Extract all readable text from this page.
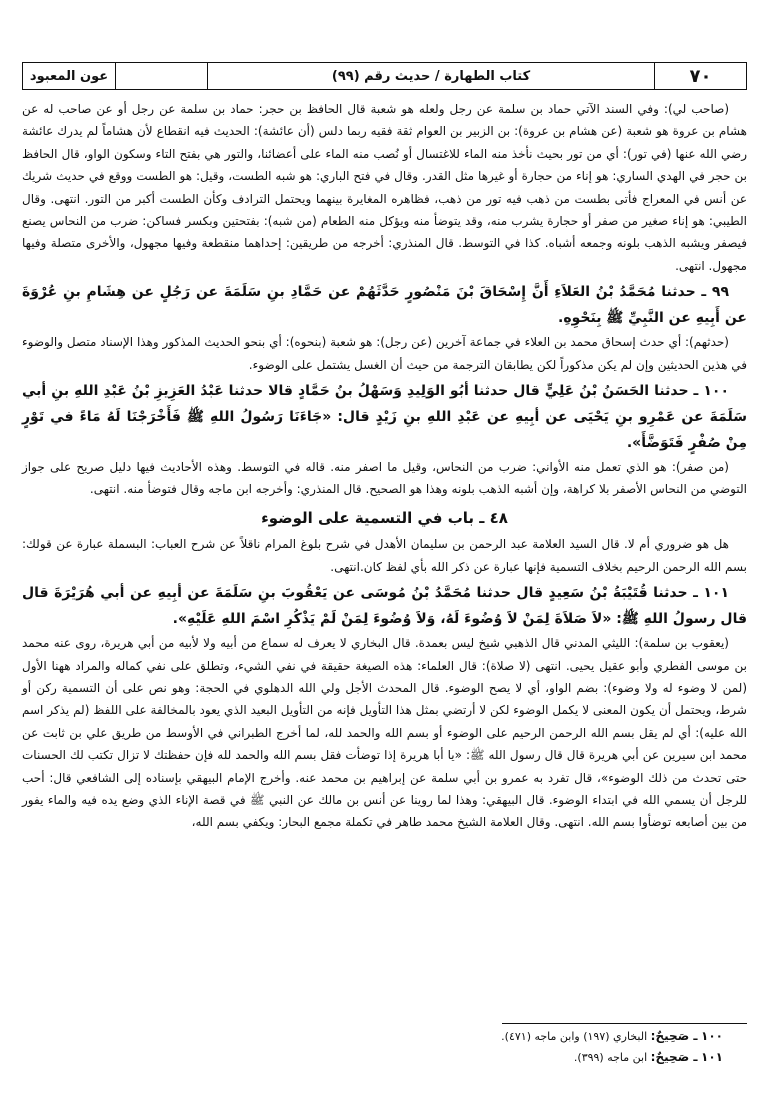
٧٠
كتاب الطهارة / حديث رقم (٩٩)
عون المعبود

(صاحب لي): وفي السند الآتي حماد بن سلمة عن رجل ولعله هو شعبة قال الحافظ بن حجر: حماد بن سلمة عن رجل أو عن صاحب له عن هشام بن عروة هو شعبة (عن هشام بن عروة): بن الزبير بن العوام ثقة فقيه ربما دلس (أن عائشة): الحديث فيه انقطاع لأن هشاماً لم يدرك عائشة رضي الله عنها (في تور): أي من تور بحيث نأخذ منه الماء للاغتسال أو نُصب منه الماء على أعضائنا، والتور هي بفتح التاء وسكون الواو، قال الحافظ بن حجر في الهدي الساري: هو إناء من حجارة أو غيرها مثل القدر. وقال في فتح الباري: هو شبه الطست، وقيل: هو الطست ووقع في حديث شريك عن أنس في المعراج فأتى بطست من ذهب فيه تور من ذهب، فظاهره المغايرة بينهما ويحتمل الترادف وكأن الطست أكبر من التور. انتهى. وقال الطيبي: هو إناء صغير من صفر أو حجارة يشرب منه، وقد يتوضأ منه ويؤكل منه الطعام (من شبه): بفتحتين وبكسر فساكن: ضرب من النحاس يصنع فيصفر ويشبه الذهب بلونه وجمعه أشباه. كذا في التوسط. قال المنذري: أخرجه من طريقين: إحداهما منقطعة وفيها مجهول، والأخرى متصلة وفيها مجهول. انتهى.

٩٩ ـ حدثنا مُحَمَّدُ بْنُ العَلاَءِ أَنَّ إِسْحَاقَ بْنَ مَنْصُورٍ حَدَّثَهُمْ عن حَمَّادِ بنِ سَلَمَةَ عن رَجُلٍ عن هِشَامِ بنِ عُرْوَةَ عن أَبِيهِ عن النَّبِيِّ ﷺ بِنَحْوِهِ.

(حدثهم): أي حدث إسحاق محمد بن العلاء في جماعة آخرين (عن رجل): هو شعبة (بنحوه): أي بنحو الحديث المذكور وهذا الإسناد متصل والوضوء في هذين الحديثين وإن لم يكن مذكوراً لكن يطابقان الترجمة من حيث أن الغسل يشتمل على الوضوء.

١٠٠ ـ حدثنا الحَسَنُ بْنُ عَلِيٍّ قال حدثنا أبُو الوَلِيدِ وَسَهْلُ بنُ حَمَّادٍ قالا حدثنا عَبْدُ العَزِيزِ بْنُ عَبْدِ اللهِ بنِ أبي سَلَمَةَ عن عَمْرِو بنِ يَحْيَى عن أبِيهِ عن عَبْدِ اللهِ بنِ زَيْدٍ قال: «جَاءَنَا رَسُولُ اللهِ ﷺ فَأَخْرَجْنَا لَهُ مَاءً في تَوْرٍ مِنْ صُفْرٍ فَتَوَضَّأَ».

(من صفر): هو الذي تعمل منه الأواني: ضرب من النحاس، وقيل ما اصفر منه. قاله في التوسط. وهذه الأحاديث فيها دليل صريح على جواز التوضي من النحاس الأصفر بلا كراهة، وإن أشبه الذهب بلونه وهذا هو الصحيح. قال المنذري: وأخرجه ابن ماجه وقال فتوضأ منه. انتهى.

٤٨ ـ باب في التسمية على الوضوء

هل هو ضروري أم لا. قال السيد العلامة عبد الرحمن بن سليمان الأهدل في شرح بلوغ المرام ناقلاً عن شرح العباب: البسملة عبارة عن قولك: بسم الله الرحمن الرحيم بخلاف التسمية فإنها عبارة عن ذكر الله بأي لفظ كان.انتهى.

١٠١ ـ حدثنا قُتَيْبَةُ بْنُ سَعِيدٍ قال حدثنا مُحَمَّدُ بْنُ مُوسَى عن يَعْقُوبَ بنِ سَلَمَةَ عن أبِيهِ عن أبي هُرَيْرَةَ قال قال رسولُ اللهِ ﷺ: «لاَ صَلاَةَ لِمَنْ لاَ وُضُوءَ لَهُ، وَلاَ وُضُوءَ لِمَنْ لَمْ يَذْكُرِ اسْمَ اللهِ عَلَيْهِ».

(يعقوب بن سلمة): الليثي المدني قال الذهبي شيخ ليس بعمدة. قال البخاري لا يعرف له سماع من أبيه ولا لأبيه من أبي هريرة، روى عنه محمد بن موسى الفطري وأبو عقيل يحيى. انتهى (لا صلاة): قال العلماء: هذه الصيغة حقيقة في نفي الشيء، وتطلق على نفي كماله والمراد ههنا الأول (لمن لا وضوء له ولا وضوء): بضم الواو، أي لا يصح الوضوء. قال المحدث الأجل ولي الله الدهلوي في الحجة: وهو نص على أن التسمية ركن أو شرط، ويحتمل أن يكون المعنى لا يكمل الوضوء لكن لا أرتضي بمثل هذا التأويل فإنه من التأويل البعيد الذي يعود بالمخالفة على اللفظ (لم يذكر اسم الله عليه): أي لم يقل بسم الله الرحمن الرحيم على الوضوء أو بسم الله والحمد لله، لما أخرج الطبراني في الأوسط من طريق علي بن ثابت عن محمد ابن سيرين عن أبي هريرة قال قال رسول الله ﷺ: «يا أبا هريرة إذا توضأت فقل بسم الله والحمد لله فإن حفظتك لا تزال تكتب لك الحسنات حتى تحدث من ذلك الوضوء»، قال تفرد به عمرو بن أبي سلمة عن إبراهيم بن محمد عنه. وأخرج الإمام البيهقي بإسناده إلى الشافعي قال: أحب للرجل أن يسمي الله في ابتداء الوضوء. قال البيهقي: وهذا لما روينا عن أنس بن مالك عن النبي ﷺ في قصة الإناء الذي وضع يده فيه والماء يفور من بين أصابعه توضأوا بسم الله. انتهى. وقال العلامة الشيخ محمد طاهر في تكملة مجمع البحار: ويكفي بسم الله،

١٠٠ ـ صَحِيحٌ: البخاري (١٩٧) وابن ماجه (٤٧١).

١٠١ ـ صَحِيحٌ: ابن ماجه (٣٩٩).
